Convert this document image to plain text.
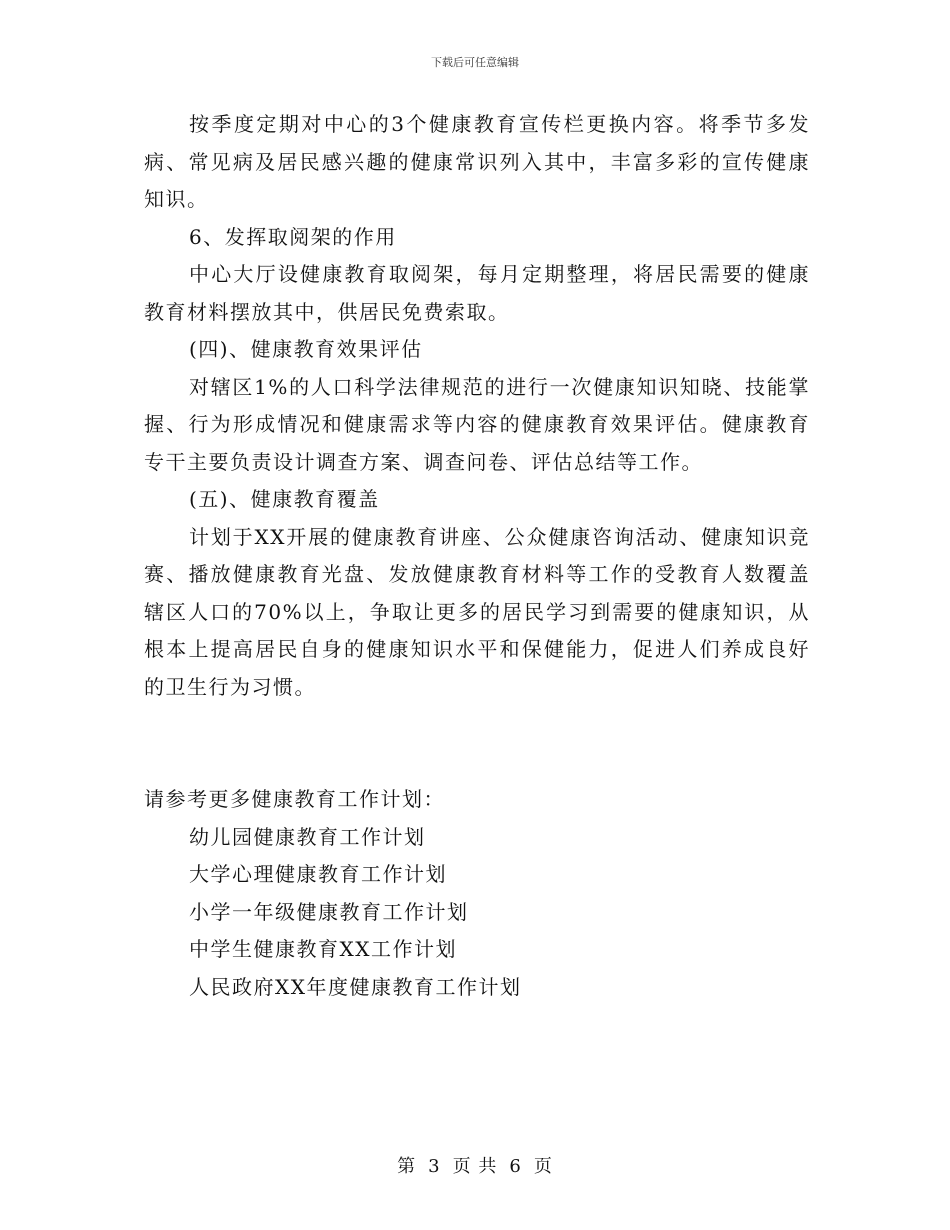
下载后可任意编辑

按季度定期对中心的3个健康教育宣传栏更换内容。将季节多发病、常见病及居民感兴趣的健康常识列入其中，丰富多彩的宣传健康知识。

6、发挥取阅架的作用

中心大厅设健康教育取阅架，每月定期整理，将居民需要的健康教育材料摆放其中，供居民免费索取。

(四)、健康教育效果评估

对辖区1%的人口科学法律规范的进行一次健康知识知晓、技能掌握、行为形成情况和健康需求等内容的健康教育效果评估。健康教育专干主要负责设计调查方案、调查问卷、评估总结等工作。

(五)、健康教育覆盖

计划于XX开展的健康教育讲座、公众健康咨询活动、健康知识竞赛、播放健康教育光盘、发放健康教育材料等工作的受教育人数覆盖辖区人口的70%以上，争取让更多的居民学习到需要的健康知识，从根本上提高居民自身的健康知识水平和保健能力，促进人们养成良好的卫生行为习惯。

请参考更多健康教育工作计划：

幼儿园健康教育工作计划
大学心理健康教育工作计划
小学一年级健康教育工作计划
中学生健康教育XX工作计划
人民政府XX年度健康教育工作计划
第 3 页 共 6 页
